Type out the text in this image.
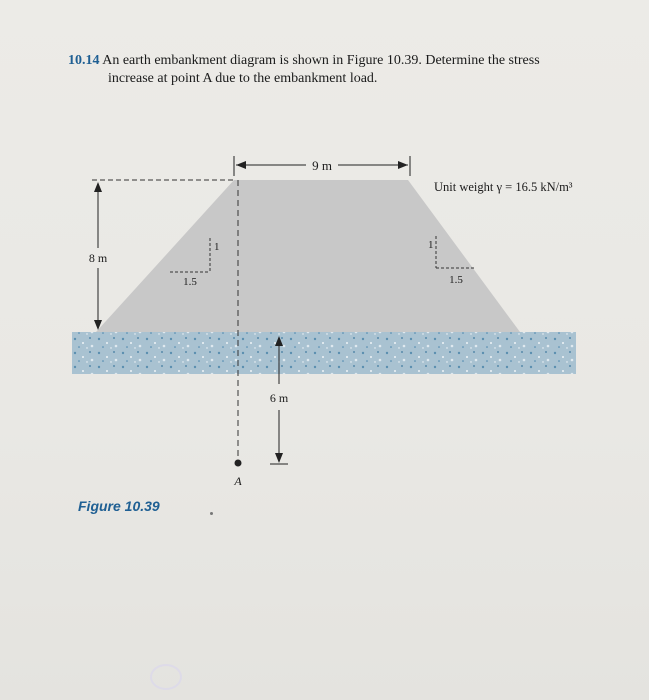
10.14 An earth embankment diagram is shown in Figure 10.39. Determine the stress
increase at point A due to the embankment load.
9 m
8 m
1
1.5
1
1.5
Unit weight γ = 16.5 kN/m³
A
6 m
Figure 10.39
